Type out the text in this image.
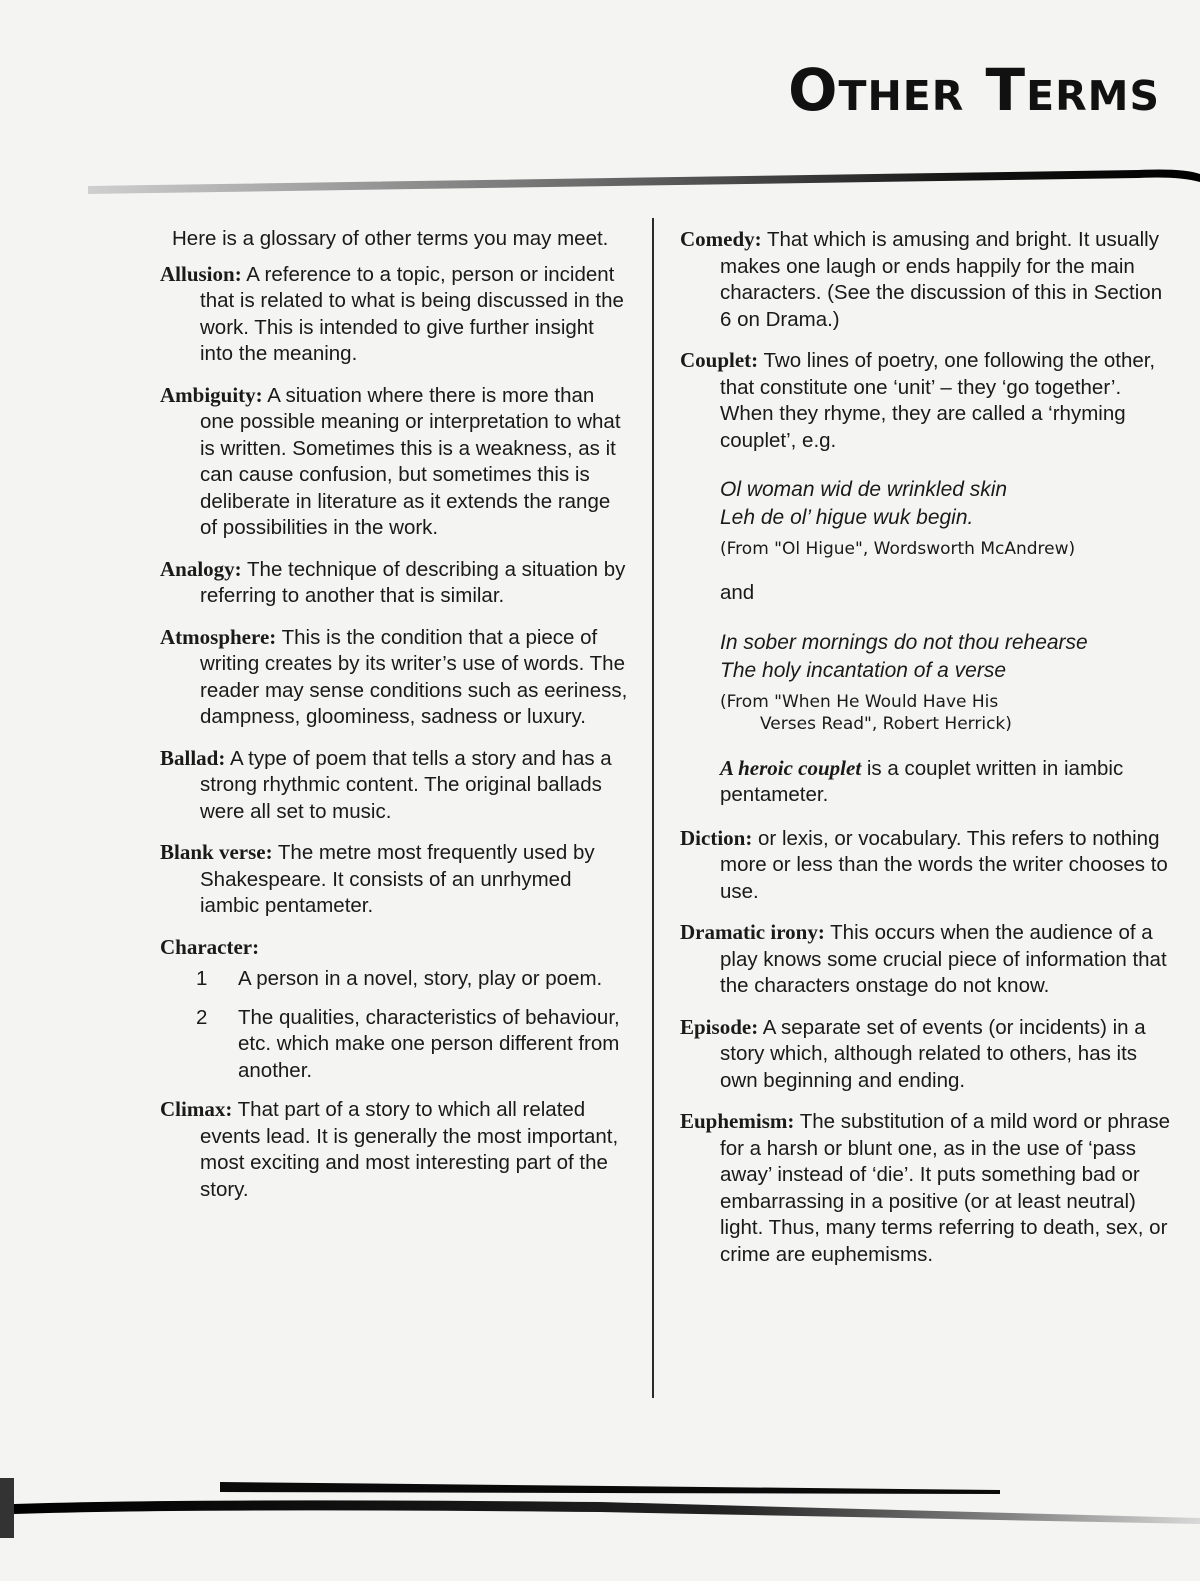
Other Terms

Here is a glossary of other terms you may meet.

Allusion: A reference to a topic, person or incident that is related to what is being discussed in the work. This is intended to give further insight into the meaning.

Ambiguity: A situation where there is more than one possible meaning or interpretation to what is written. Sometimes this is a weakness, as it can cause confusion, but sometimes this is deliberate in literature as it extends the range of possibilities in the work.

Analogy: The technique of describing a situation by referring to another that is similar.

Atmosphere: This is the condition that a piece of writing creates by its writer’s use of words. The reader may sense conditions such as eeriness, dampness, gloominess, sadness or luxury.

Ballad: A type of poem that tells a story and has a strong rhythmic content. The original ballads were all set to music.

Blank verse: The metre most frequently used by Shakespeare. It consists of an unrhymed iambic pentameter.

Character:

1 A person in a novel, story, play or poem.
2 The qualities, characteristics of behaviour, etc. which make one person different from another.

Climax: That part of a story to which all related events lead. It is generally the most important, most exciting and most interesting part of the story.

Comedy: That which is amusing and bright. It usually makes one laugh or ends happily for the main characters. (See the discussion of this in Section 6 on Drama.)

Couplet: Two lines of poetry, one following the other, that constitute one ‘unit’ – they ‘go together’. When they rhyme, they are called a ‘rhyming couplet’, e.g.

Ol woman wid de wrinkled skin
Leh de ol’ higue wuk begin.
(From "Ol Higue", Wordsworth McAndrew)

and

In sober mornings do not thou rehearse
The holy incantation of a verse
(From "When He Would Have His
Verses Read", Robert Herrick)

A heroic couplet is a couplet written in iambic pentameter.

Diction: or lexis, or vocabulary. This refers to nothing more or less than the words the writer chooses to use.

Dramatic irony: This occurs when the audience of a play knows some crucial piece of information that the characters onstage do not know.

Episode: A separate set of events (or incidents) in a story which, although related to others, has its own beginning and ending.

Euphemism: The substitution of a mild word or phrase for a harsh or blunt one, as in the use of ‘pass away’ instead of ‘die’. It puts something bad or embarrassing in a positive (or at least neutral) light. Thus, many terms referring to death, sex, or crime are euphemisms.
